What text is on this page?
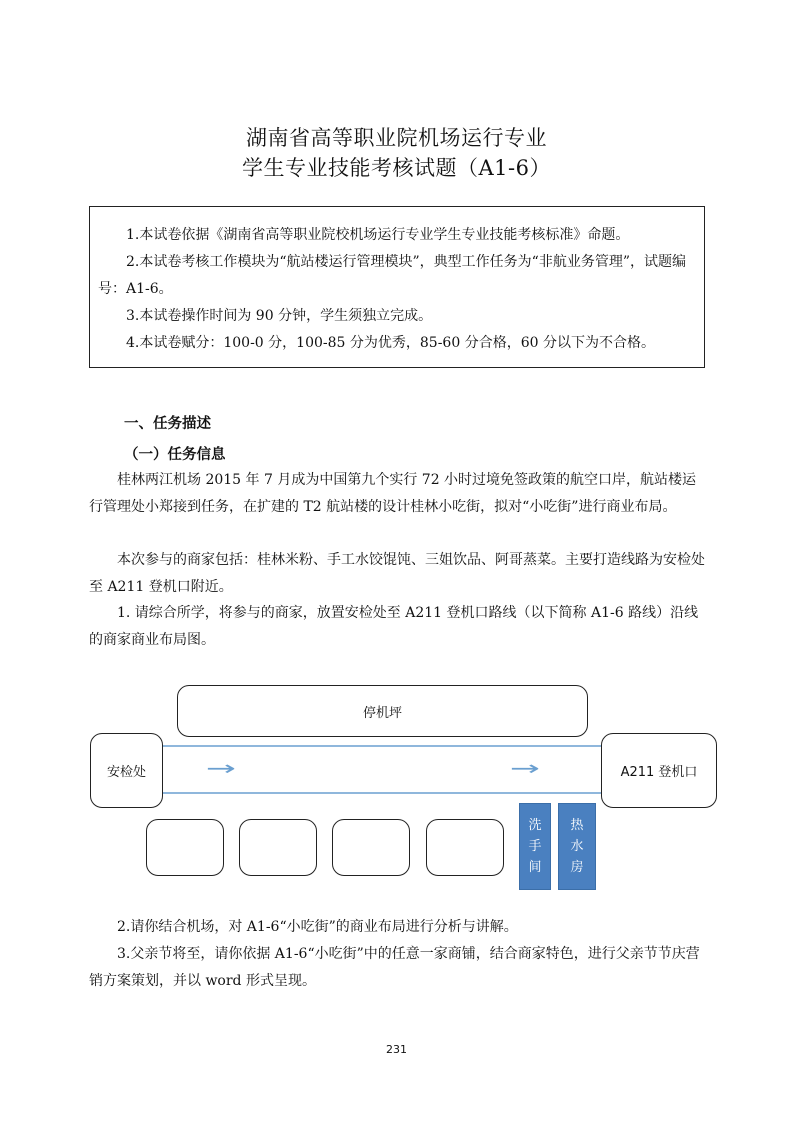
湖南省高等职业院机场运行专业
学生专业技能考核试题（A1-6）

1.本试卷依据《湖南省高等职业院校机场运行专业学生专业技能考核标准》命题。

2.本试卷考核工作模块为“航站楼运行管理模块”，典型工作任务为“非航业务管理”，试题编号：A1-6。

3.本试卷操作时间为 90 分钟，学生须独立完成。

4.本试卷赋分：100-0 分，100-85 分为优秀，85-60 分合格，60 分以下为不合格。

一、任务描述
（一）任务信息

桂林两江机场 2015 年 7 月成为中国第九个实行 72 小时过境免签政策的航空口岸，航站楼运行管理处小郑接到任务，在扩建的 T2 航站楼的设计桂林小吃街，拟对“小吃街”进行商业布局。

本次参与的商家包括：桂林米粉、手工水饺馄饨、三姐饮品、阿哥蒸菜。主要打造线路为安检处至 A211 登机口附近。

1. 请综合所学，将参与的商家，放置安检处至 A211 登机口路线（以下简称 A1-6 路线）沿线的商家商业布局图。

停机坪
安检处	A211 登机口
→	→
洗
手
间
热
水
房

2.请你结合机场，对 A1-6“小吃街”的商业布局进行分析与讲解。

3.父亲节将至，请你依据 A1-6“小吃街”中的任意一家商铺，结合商家特色，进行父亲节节庆营销方案策划，并以 word 形式呈现。

231
